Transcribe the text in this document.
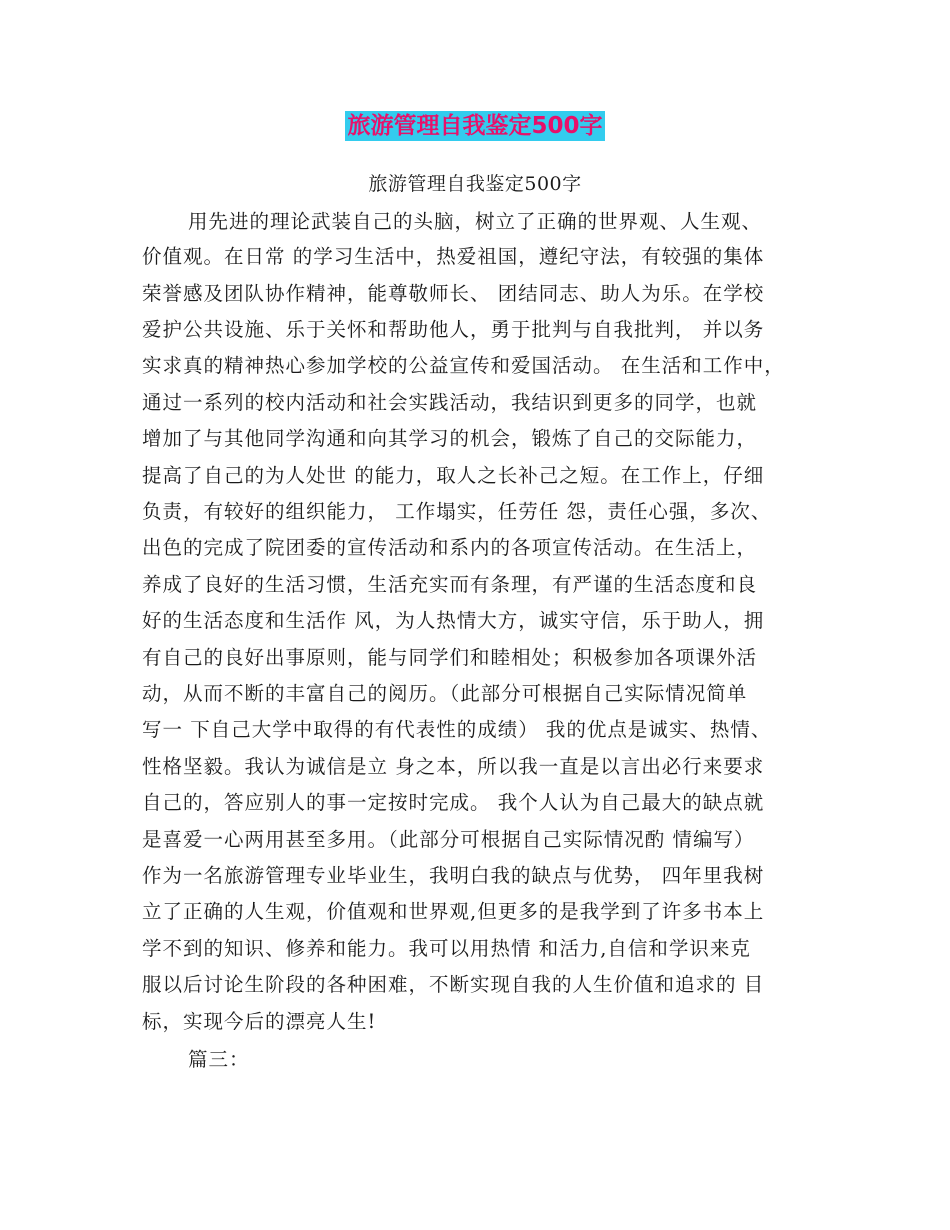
旅游管理自我鉴定500字
旅游管理自我鉴定500字
用先进的理论武装自己的头脑，树立了正确的世界观、人生观、
价值观。在日常 的学习生活中，热爱祖国，遵纪守法，有较强的集体
荣誉感及团队协作精神，能尊敬师长、 团结同志、助人为乐。在学校
爱护公共设施、乐于关怀和帮助他人，勇于批判与自我批判， 并以务
实求真的精神热心参加学校的公益宣传和爱国活动。 在生活和工作中，
通过一系列的校内活动和社会实践活动，我结识到更多的同学，也就
增加了与其他同学沟通和向其学习的机会，锻炼了自己的交际能力，
提高了自己的为人处世 的能力，取人之长补己之短。在工作上，仔细
负责，有较好的组织能力， 工作塌实，任劳任 怨，责任心强，多次、
出色的完成了院团委的宣传活动和系内的各项宣传活动。在生活上，
养成了良好的生活习惯，生活充实而有条理，有严谨的生活态度和良
好的生活态度和生活作 风，为人热情大方，诚实守信，乐于助人，拥
有自己的良好出事原则，能与同学们和睦相处；积极参加各项课外活
动，从而不断的丰富自己的阅历。（此部分可根据自己实际情况简单
写一 下自己大学中取得的有代表性的成绩） 我的优点是诚实、热情、
性格坚毅。我认为诚信是立 身之本，所以我一直是以言出必行来要求
自己的，答应别人的事一定按时完成。 我个人认为自己最大的缺点就
是喜爱一心两用甚至多用。（此部分可根据自己实际情况酌 情编写）
作为一名旅游管理专业毕业生，我明白我的缺点与优势， 四年里我树
立了正确的人生观，价值观和世界观,但更多的是我学到了许多书本上
学不到的知识、修养和能力。我可以用热情 和活力,自信和学识来克
服以后讨论生阶段的各种困难，不断实现自我的人生价值和追求的 目
标，实现今后的漂亮人生!
篇三：
